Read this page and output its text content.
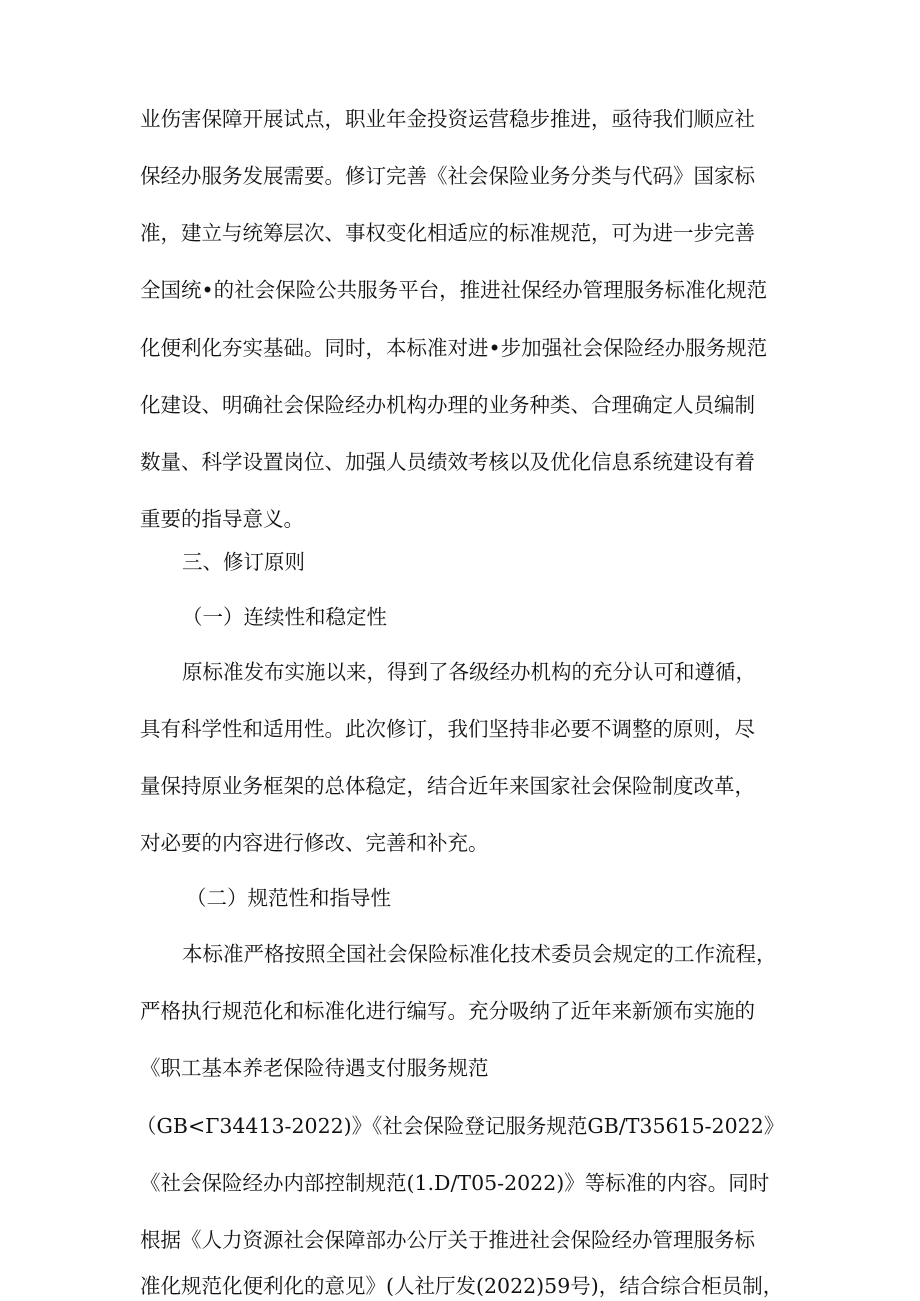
业伤害保障开展试点，职业年金投资运营稳步推进，亟待我们顺应社
保经办服务发展需要。修订完善《社会保险业务分类与代码》国家标
准，建立与统筹层次、事权变化相适应的标准规范，可为进一步完善
全国统•的社会保险公共服务平台，推进社保经办管理服务标准化规范
化便利化夯实基础。同时，本标准对进•步加强社会保险经办服务规范
化建设、明确社会保险经办机构办理的业务种类、合理确定人员编制
数量、科学设置岗位、加强人员绩效考核以及优化信息系统建设有着
重要的指导意义。
三、修订原则
（一）连续性和稳定性
原标准发布实施以来，得到了各级经办机构的充分认可和遵循，
具有科学性和适用性。此次修订，我们坚持非必要不调整的原则，尽
量保持原业务框架的总体稳定，结合近年来国家社会保险制度改革，
对必要的内容进行修改、完善和补充。
（二）规范性和指导性
本标准严格按照全国社会保险标准化技术委员会规定的工作流程，
严格执行规范化和标准化进行编写。充分吸纳了近年来新颁布实施的
《职工基本养老保险待遇支付服务规范
（GB<Γ34413-2022)》《社会保险登记服务规范GB/T35615-2022》
《社会保险经办内部控制规范(1.D/T05-2022)》等标准的内容。同时
根据《人力资源社会保障部办公厅关于推进社会保险经办管理服务标
准化规范化便利化的意见》(人社厅发(2022)59号)，结合综合柜员制，
